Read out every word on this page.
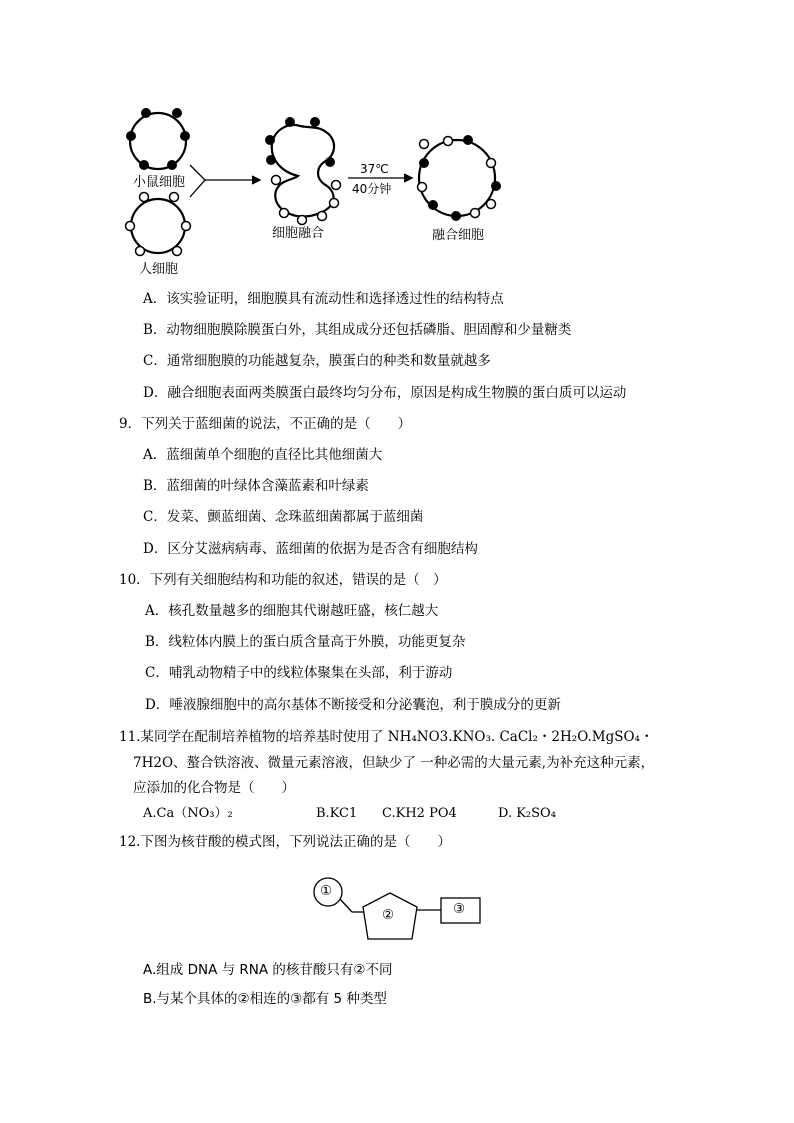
小鼠细胞
人细胞
细胞融合
37℃
40分钟
融合细胞
A．该实验证明，细胞膜具有流动性和选择透过性的结构特点
B．动物细胞膜除膜蛋白外，其组成成分还包括磷脂、胆固醇和少量糖类
C．通常细胞膜的功能越复杂，膜蛋白的种类和数量就越多
D．融合细胞表面两类膜蛋白最终均匀分布，原因是构成生物膜的蛋白质可以运动
9．下列关于蓝细菌的说法，不正确的是（　　）
A．蓝细菌单个细胞的直径比其他细菌大
B．蓝细菌的叶绿体含藻蓝素和叶绿素
C．发菜、颤蓝细菌、念珠蓝细菌都属于蓝细菌
D．区分艾滋病病毒、蓝细菌的依据为是否含有细胞结构
10．下列有关细胞结构和功能的叙述，错误的是（　）
A．核孔数量越多的细胞其代谢越旺盛，核仁越大
B．线粒体内膜上的蛋白质含量高于外膜，功能更复杂
C．哺乳动物精子中的线粒体聚集在头部，利于游动
D．唾液腺细胞中的高尔基体不断接受和分泌囊泡，利于膜成分的更新
11.某同学在配制培养植物的培养基时使用了 NH₄NO3.KNO₃. CaCl₂・2H₂O.MgSO₄・
7H2O、螯合铁溶液、微量元素溶液，但缺少了 一种必需的大量元素,为补充这种元素，
应添加的化合物是（　　）
A.Ca（NO₃）₂	B.KC1 C.KH2 PO4	D. K₂SO₄
12.下图为核苷酸的模式图，下列说法正确的是（　　）
①
②	③
A.组成 DNA 与 RNA 的核苷酸只有②不同
B.与某个具体的②相连的③都有 5 种类型
